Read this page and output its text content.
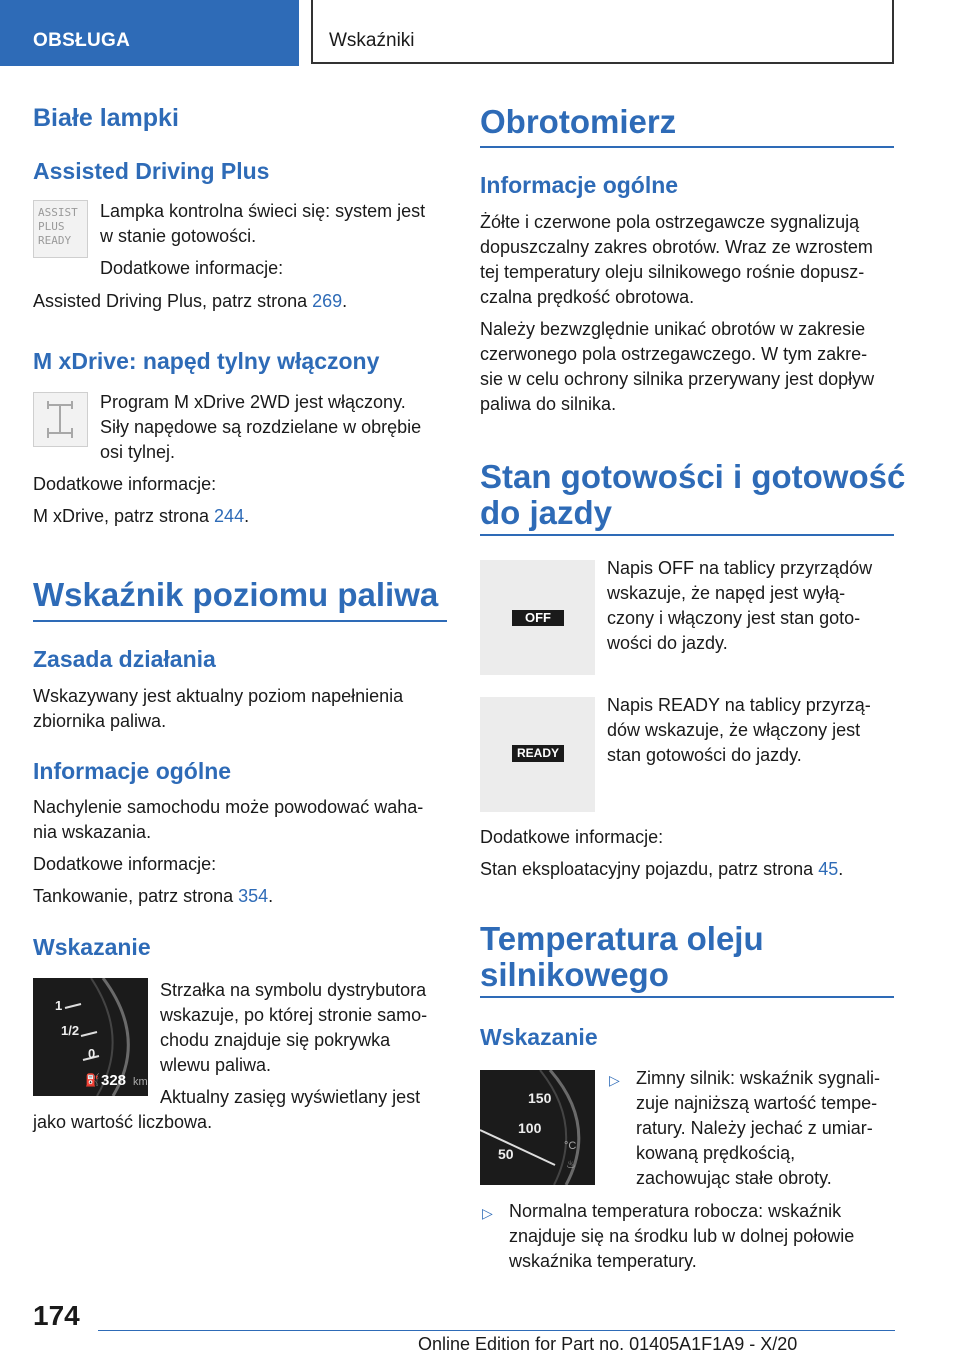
OBSŁUGA	Wskaźniki
Białe lampki
Assisted Driving Plus
ASSIST
PLUS
READY

Lampka kontrolna świeci się: system jest

w stanie gotowości.

Dodatkowe informacje:

Assisted Driving Plus, patrz strona 269.

M xDrive: napęd tylny włączony

Program M xDrive 2WD jest włączony.

Siły napędowe są rozdzielane w obrębie

osi tylnej.

Dodatkowe informacje:

M xDrive, patrz strona 244.

Wskaźnik poziomu paliwa
Zasada działania

Wskazywany jest aktualny poziom napełnienia

zbiornika paliwa.

Informacje ogólne

Nachylenie samochodu może powodować waha-

nia wskazania.

Dodatkowe informacje:

Tankowanie, patrz strona 354.

Wskazanie
1
1/2
0
⛽ 328 km

Strzałka na symbolu dystrybutora

wskazuje, po której stronie samo-

chodu znajduje się pokrywka

wlewu paliwa.

Aktualny zasięg wyświetlany jest

jako wartość liczbowa.

Obrotomierz
Informacje ogólne

Żółte i czerwone pola ostrzegawcze sygnalizują

dopuszczalny zakres obrotów. Wraz ze wzrostem

tej temperatury oleju silnikowego rośnie dopusz-

czalna prędkość obrotowa.

Należy bezwzględnie unikać obrotów w zakresie

czerwonego pola ostrzegawczego. W tym zakre-

sie w celu ochrony silnika przerywany jest dopływ

paliwa do silnika.

Stan gotowości i gotowość
do jazdy
OFF

Napis OFF na tablicy przyrządów

wskazuje, że napęd jest wyłą-

czony i włączony jest stan goto-

wości do jazdy.

READY

Napis READY na tablicy przyrzą-

dów wskazuje, że włączony jest

stan gotowości do jazdy.

Dodatkowe informacje:

Stan eksploatacyjny pojazdu, patrz strona 45.

Temperatura oleju
silnikowego
Wskazanie
150
100
50	°C
♨
▷ Zimny silnik: wskaźnik sygnali-

zuje najniższą wartość tempe-

ratury. Należy jechać z umiar-

kowaną prędkością,

zachowując stałe obroty.

▷ Normalna temperatura robocza: wskaźnik

znajduje się na środku lub w dolnej połowie

wskaźnika temperatury.

174
Online Edition for Part no. 01405A1F1A9 - X/20
